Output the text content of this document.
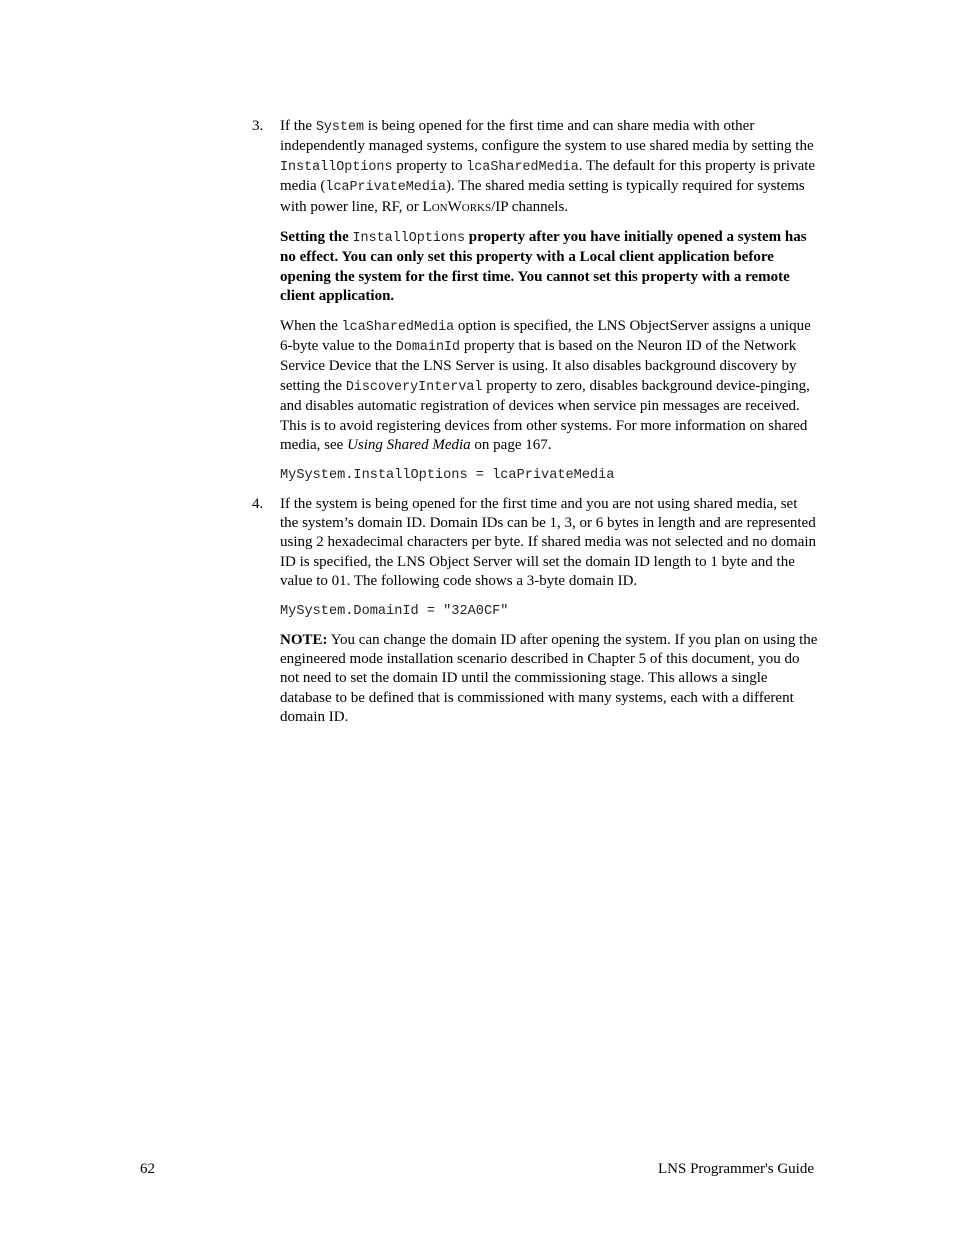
3. If the System is being opened for the first time and can share media with other independently managed systems, configure the system to use shared media by setting the InstallOptions property to lcaSharedMedia. The default for this property is private media (lcaPrivateMedia). The shared media setting is typically required for systems with power line, RF, or LONWORKS/IP channels.

Setting the InstallOptions property after you have initially opened a system has no effect. You can only set this property with a Local client application before opening the system for the first time. You cannot set this property with a remote client application.

When the lcaSharedMedia option is specified, the LNS ObjectServer assigns a unique 6-byte value to the DomainId property that is based on the Neuron ID of the Network Service Device that the LNS Server is using. It also disables background discovery by setting the DiscoveryInterval property to zero, disables background device-pinging, and disables automatic registration of devices when service pin messages are received. This is to avoid registering devices from other systems. For more information on shared media, see Using Shared Media on page 167.

MySystem.InstallOptions = lcaPrivateMedia

4. If the system is being opened for the first time and you are not using shared media, set the system’s domain ID. Domain IDs can be 1, 3, or 6 bytes in length and are represented using 2 hexadecimal characters per byte. If shared media was not selected and no domain ID is specified, the LNS Object Server will set the domain ID length to 1 byte and the value to 01. The following code shows a 3-byte domain ID.

MySystem.DomainId = "32A0CF"

NOTE: You can change the domain ID after opening the system. If you plan on using the engineered mode installation scenario described in Chapter 5 of this document, you do not need to set the domain ID until the commissioning stage. This allows a single database to be defined that is commissioned with many systems, each with a different domain ID.

62	LNS Programmer's Guide
